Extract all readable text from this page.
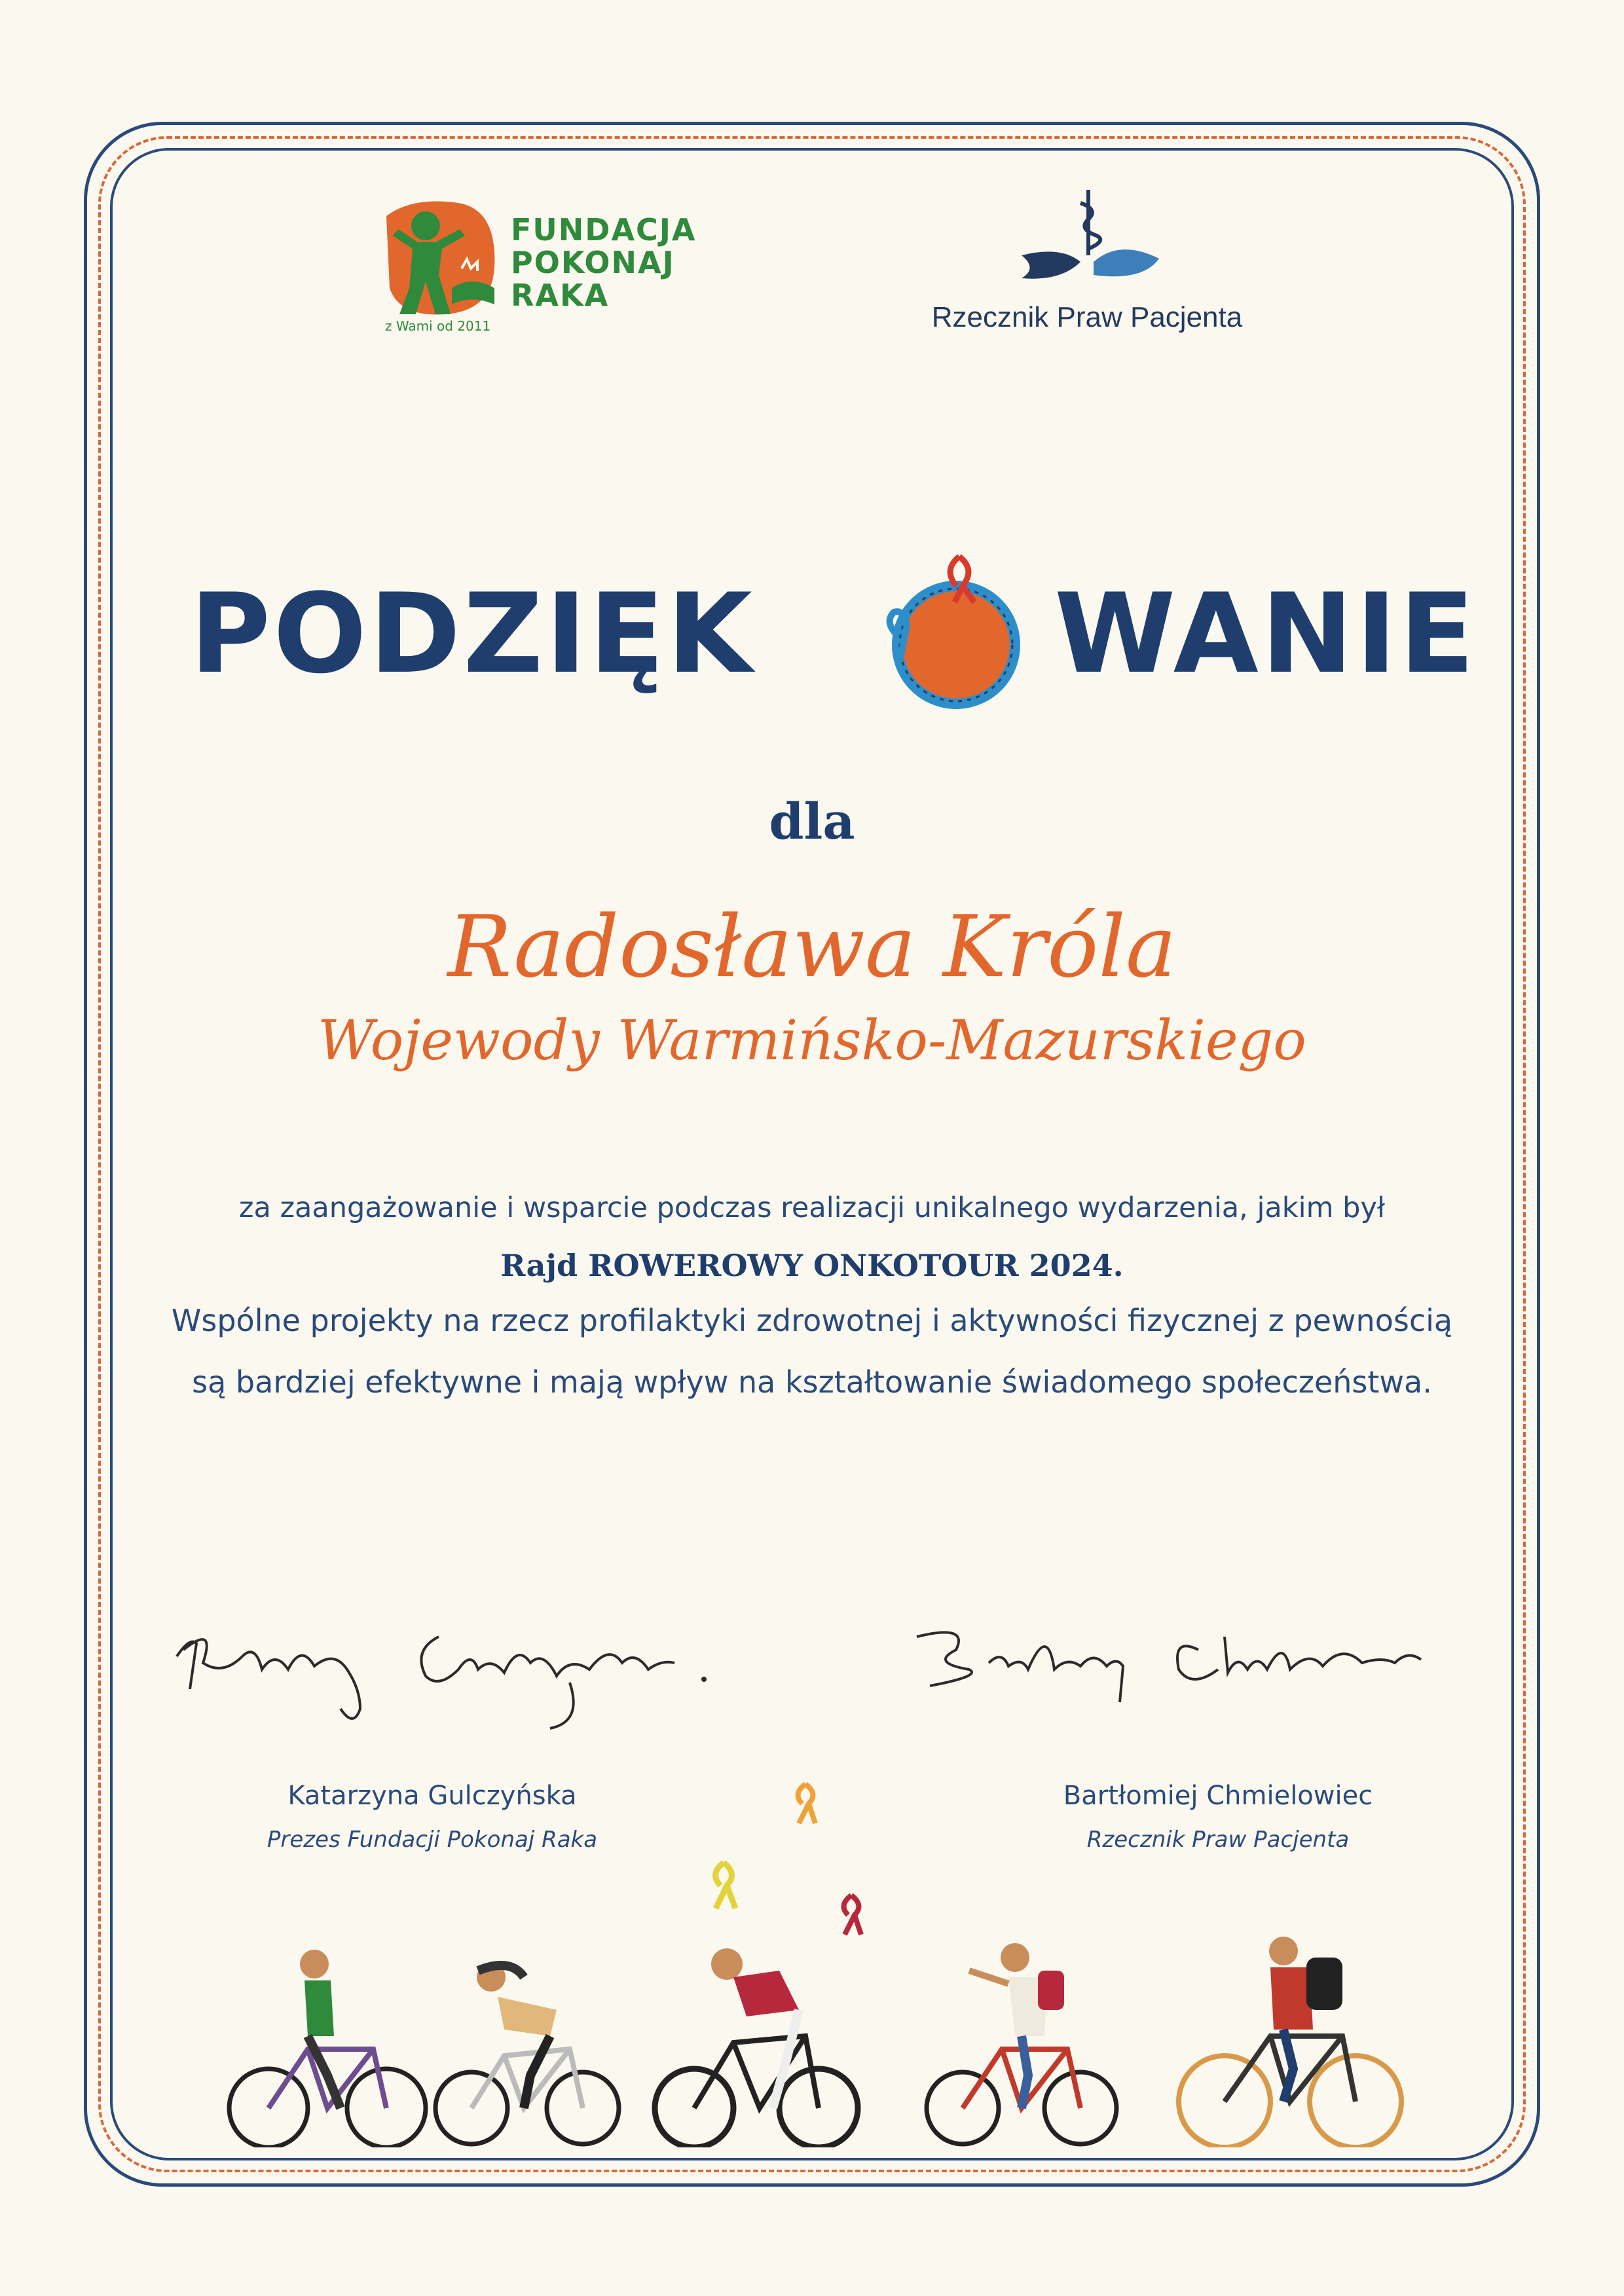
FUNDACJA
POKONAJ
RAKA
z Wami od 2011	Rzecznik Praw Pacjenta
PODZIĘK	WANIE
dla
Radosława Króla
Wojewody Warmińsko-Mazurskiego
za zaangażowanie i wsparcie podczas realizacji unikalnego wydarzenia, jakim był
Rajd ROWEROWY ONKOTOUR 2024.
Wspólne projekty na rzecz profilaktyki zdrowotnej i aktywności fizycznej z pewnością
są bardziej efektywne i mają wpływ na kształtowanie świadomego społeczeństwa.
Katarzyna Gulczyńska
Prezes Fundacji Pokonaj Raka
Bartłomiej Chmielowiec
Rzecznik Praw Pacjenta
